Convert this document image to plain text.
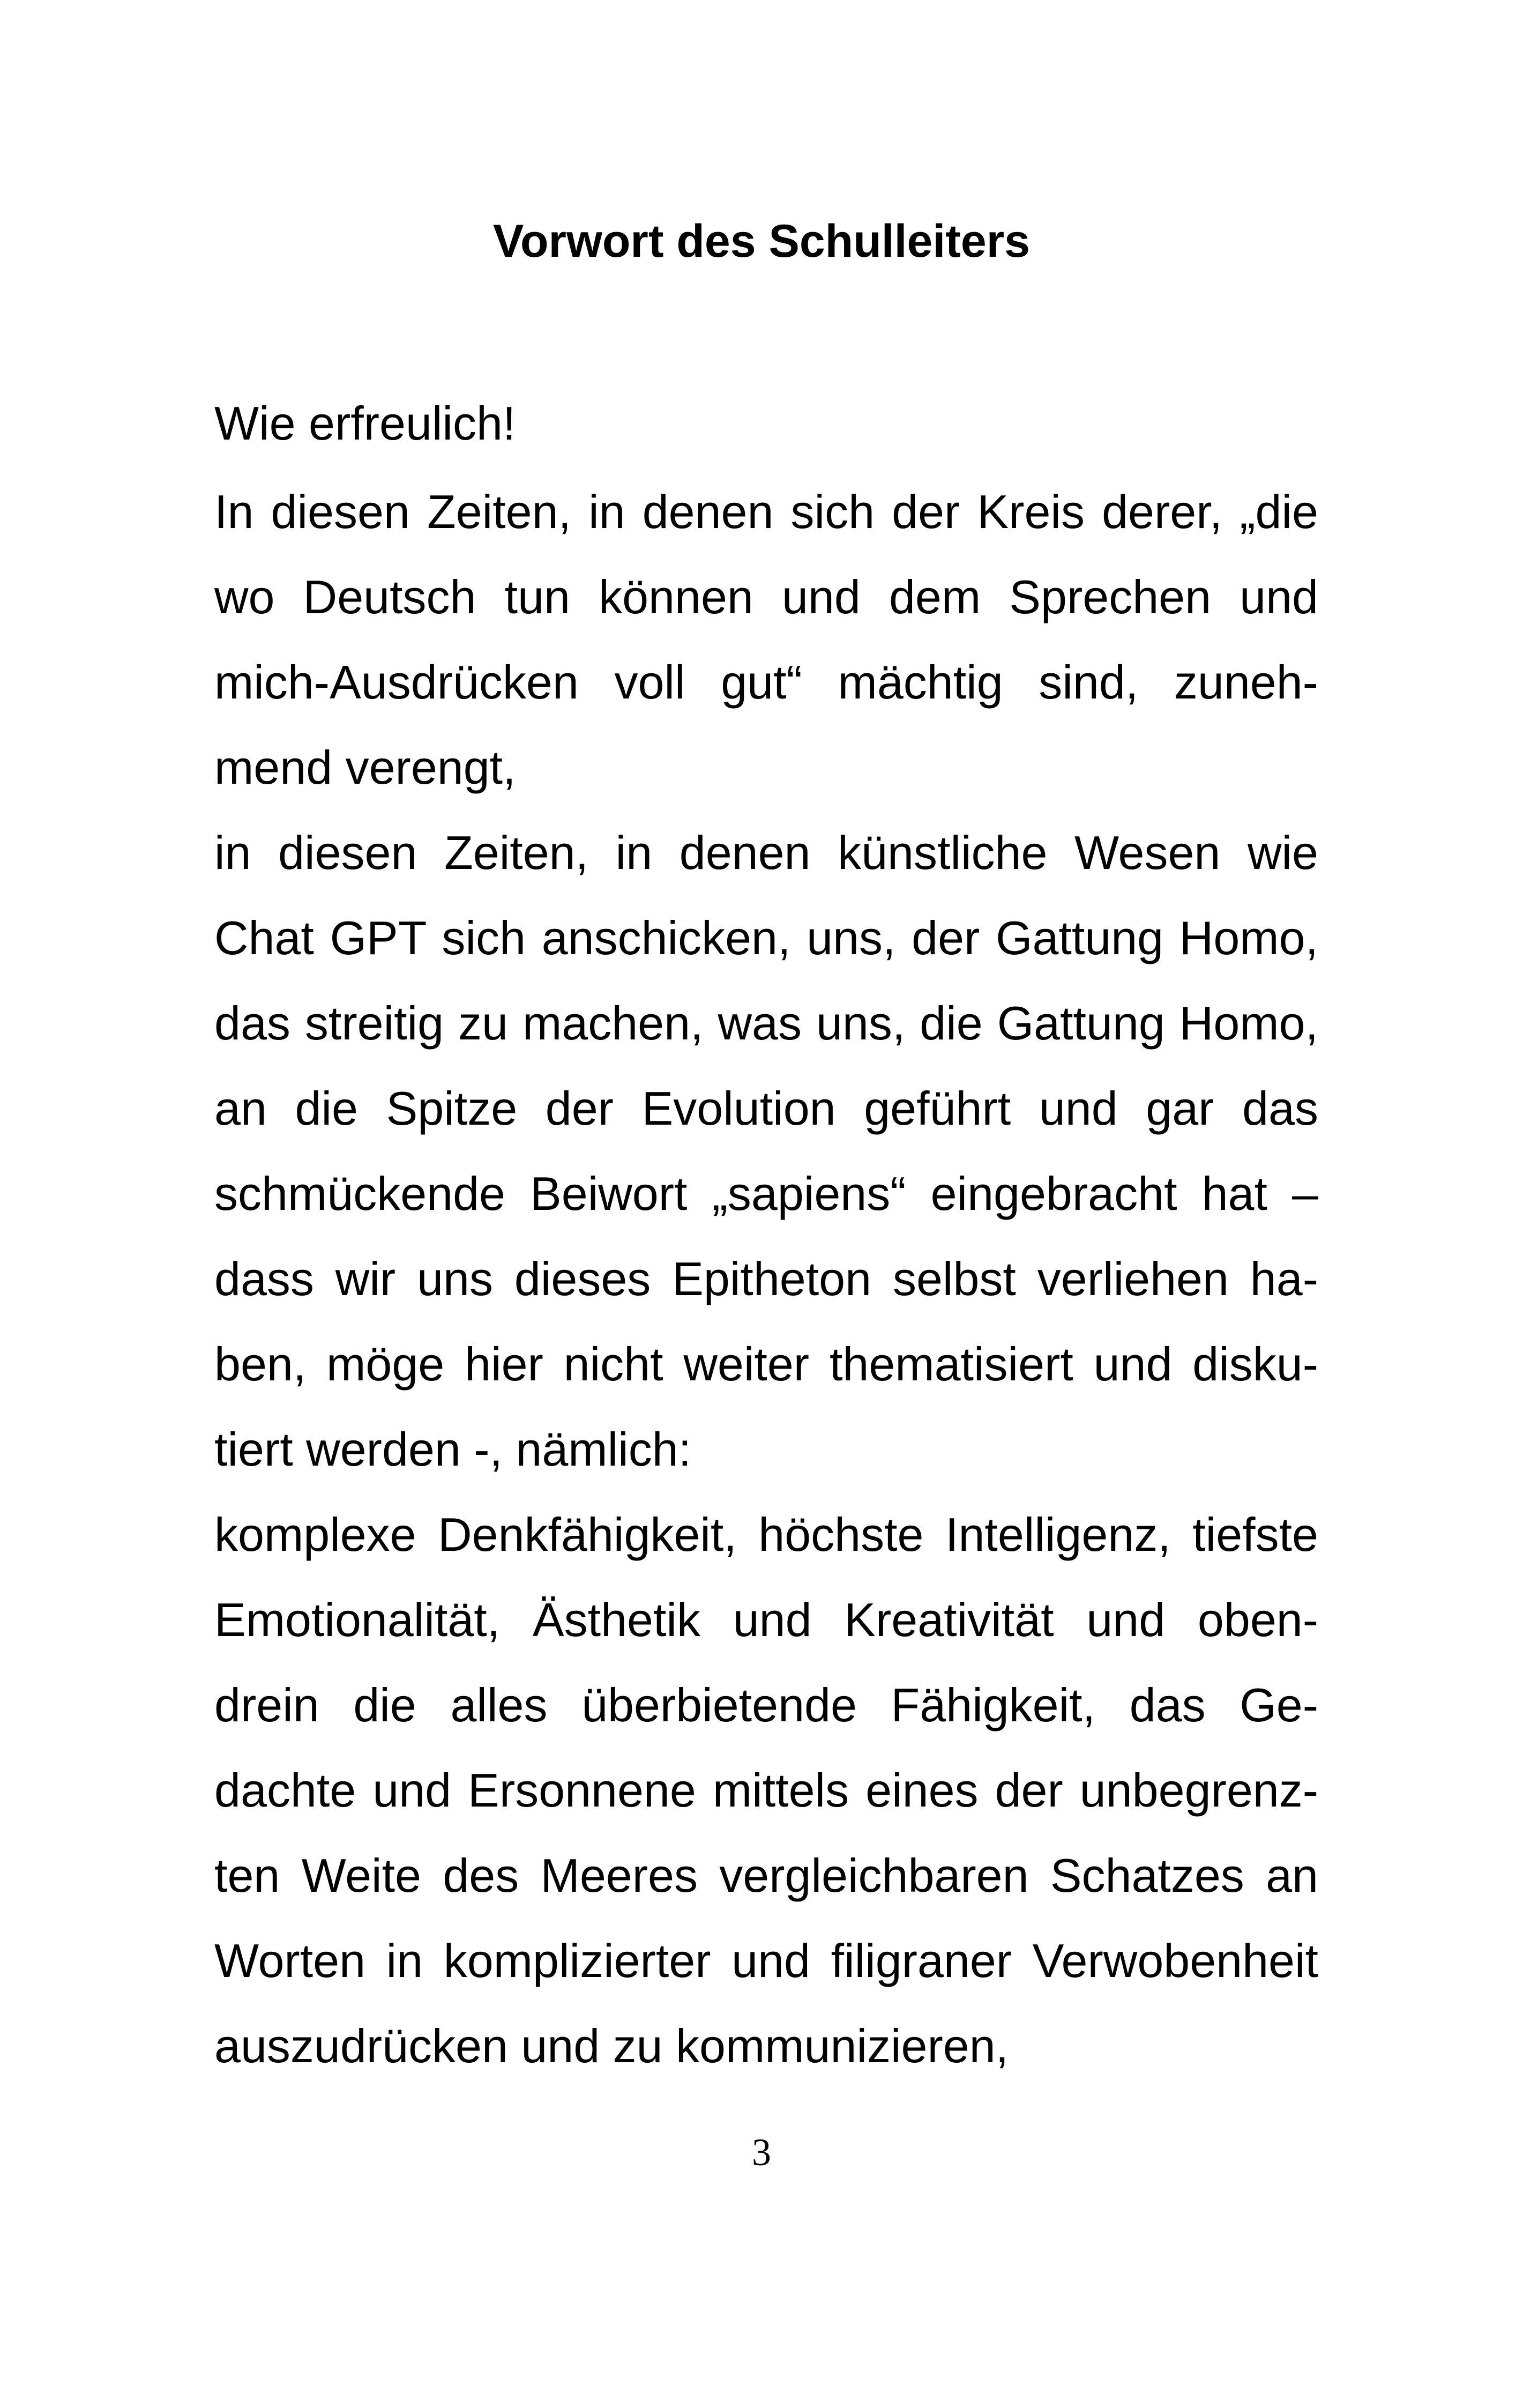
Vorwort des Schulleiters
Wie erfreulich!
In diesen Zeiten, in denen sich der Kreis derer, „die
wo Deutsch tun können und dem Sprechen und
mich-Ausdrücken voll gut“ mächtig sind, zuneh-
mend verengt,
in diesen Zeiten, in denen künstliche Wesen wie
Chat GPT sich anschicken, uns, der Gattung Homo,
das streitig zu machen, was uns, die Gattung Homo,
an die Spitze der Evolution geführt und gar das
schmückende Beiwort „sapiens“ eingebracht hat –
dass wir uns dieses Epitheton selbst verliehen ha-
ben, möge hier nicht weiter thematisiert und disku-
tiert werden -, nämlich:
komplexe Denkfähigkeit, höchste Intelligenz, tiefste
Emotionalität, Ästhetik und Kreativität und oben-
drein die alles überbietende Fähigkeit, das Ge-
dachte und Ersonnene mittels eines der unbegrenz-
ten Weite des Meeres vergleichbaren Schatzes an
Worten in komplizierter und filigraner Verwobenheit
auszudrücken und zu kommunizieren,
3
